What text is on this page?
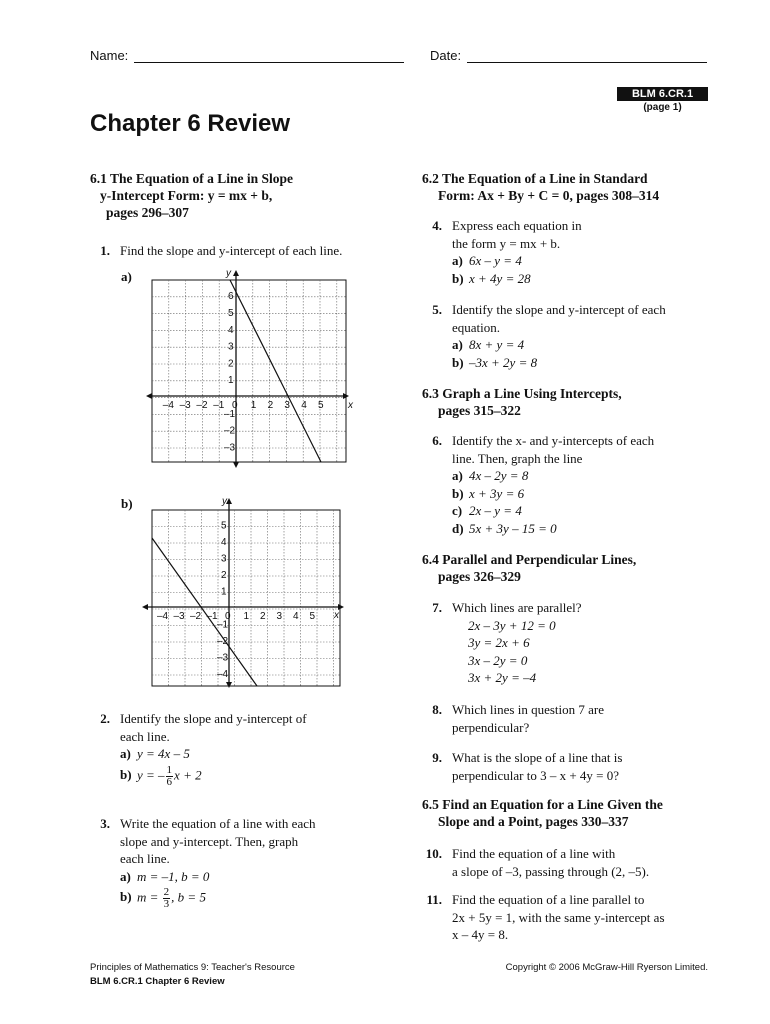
Name:	Date:
BLM 6.CR.1
(page 1)
Chapter 6 Review
6.1 The Equation of a Line in Slope
y-Intercept Form: y = mx + b,
pages 296–307
1. Find the slope and y-intercept of each line.
a)
b)
x
y
–4 –3 –2 –1 0 1 2 3 4 5
6
5
4
3
2
1
–1
–2
–3
x
y
–4 –3 –2 –1 0 1 2 3 4 5
5
4
3
2
1
–1
–2
–3
–4
2. Identify the slope and y-intercept of
each line.
a) y = 4x – 5
b) y = – $\frac{1}{6}$ x + 2
3. Write the equation of a line with each
slope and y-intercept. Then, graph
each line.
a) m = –1, b = 0
b) $m = \frac{2}{3}$ , b = 5
6.2 The Equation of a Line in Standard
Form: Ax + By + C = 0, pages 308–314
4. Express each equation in
the form y = mx + b.
a) 6x – y = 4
b) x + 4y = 28
5. Identify the slope and y-intercept of each
equation.
a) 8x + y = 4
b) –3x + 2y = 8
6.3 Graph a Line Using Intercepts,
pages 315–322
6. Identify the x- and y-intercepts of each
line. Then, graph the line
a) 4x – 2y = 8
b) x + 3y = 6
c) 2x – y = 4
d) 5x + 3y – 15 = 0
6.4 Parallel and Perpendicular Lines,
pages 326–329
7. Which lines are parallel?
2x – 3y + 12 = 0
3y = 2x + 6
3x – 2y = 0
3x + 2y = –4
8. Which lines in question 7 are
perpendicular?
9. What is the slope of a line that is
perpendicular to 3 – x + 4y = 0?
6.5 Find an Equation for a Line Given the
Slope and a Point, pages 330–337
10. Find the equation of a line with
a slope of –3, passing through (2, –5).
11. Find the equation of a line parallel to
2x + 5y = 1, with the same y-intercept as
x – 4y = 8.
Principles of Mathematics 9: Teacher's Resource
BLM 6.CR.1 Chapter 6 Review
Copyright © 2006 McGraw-Hill Ryerson Limited.
